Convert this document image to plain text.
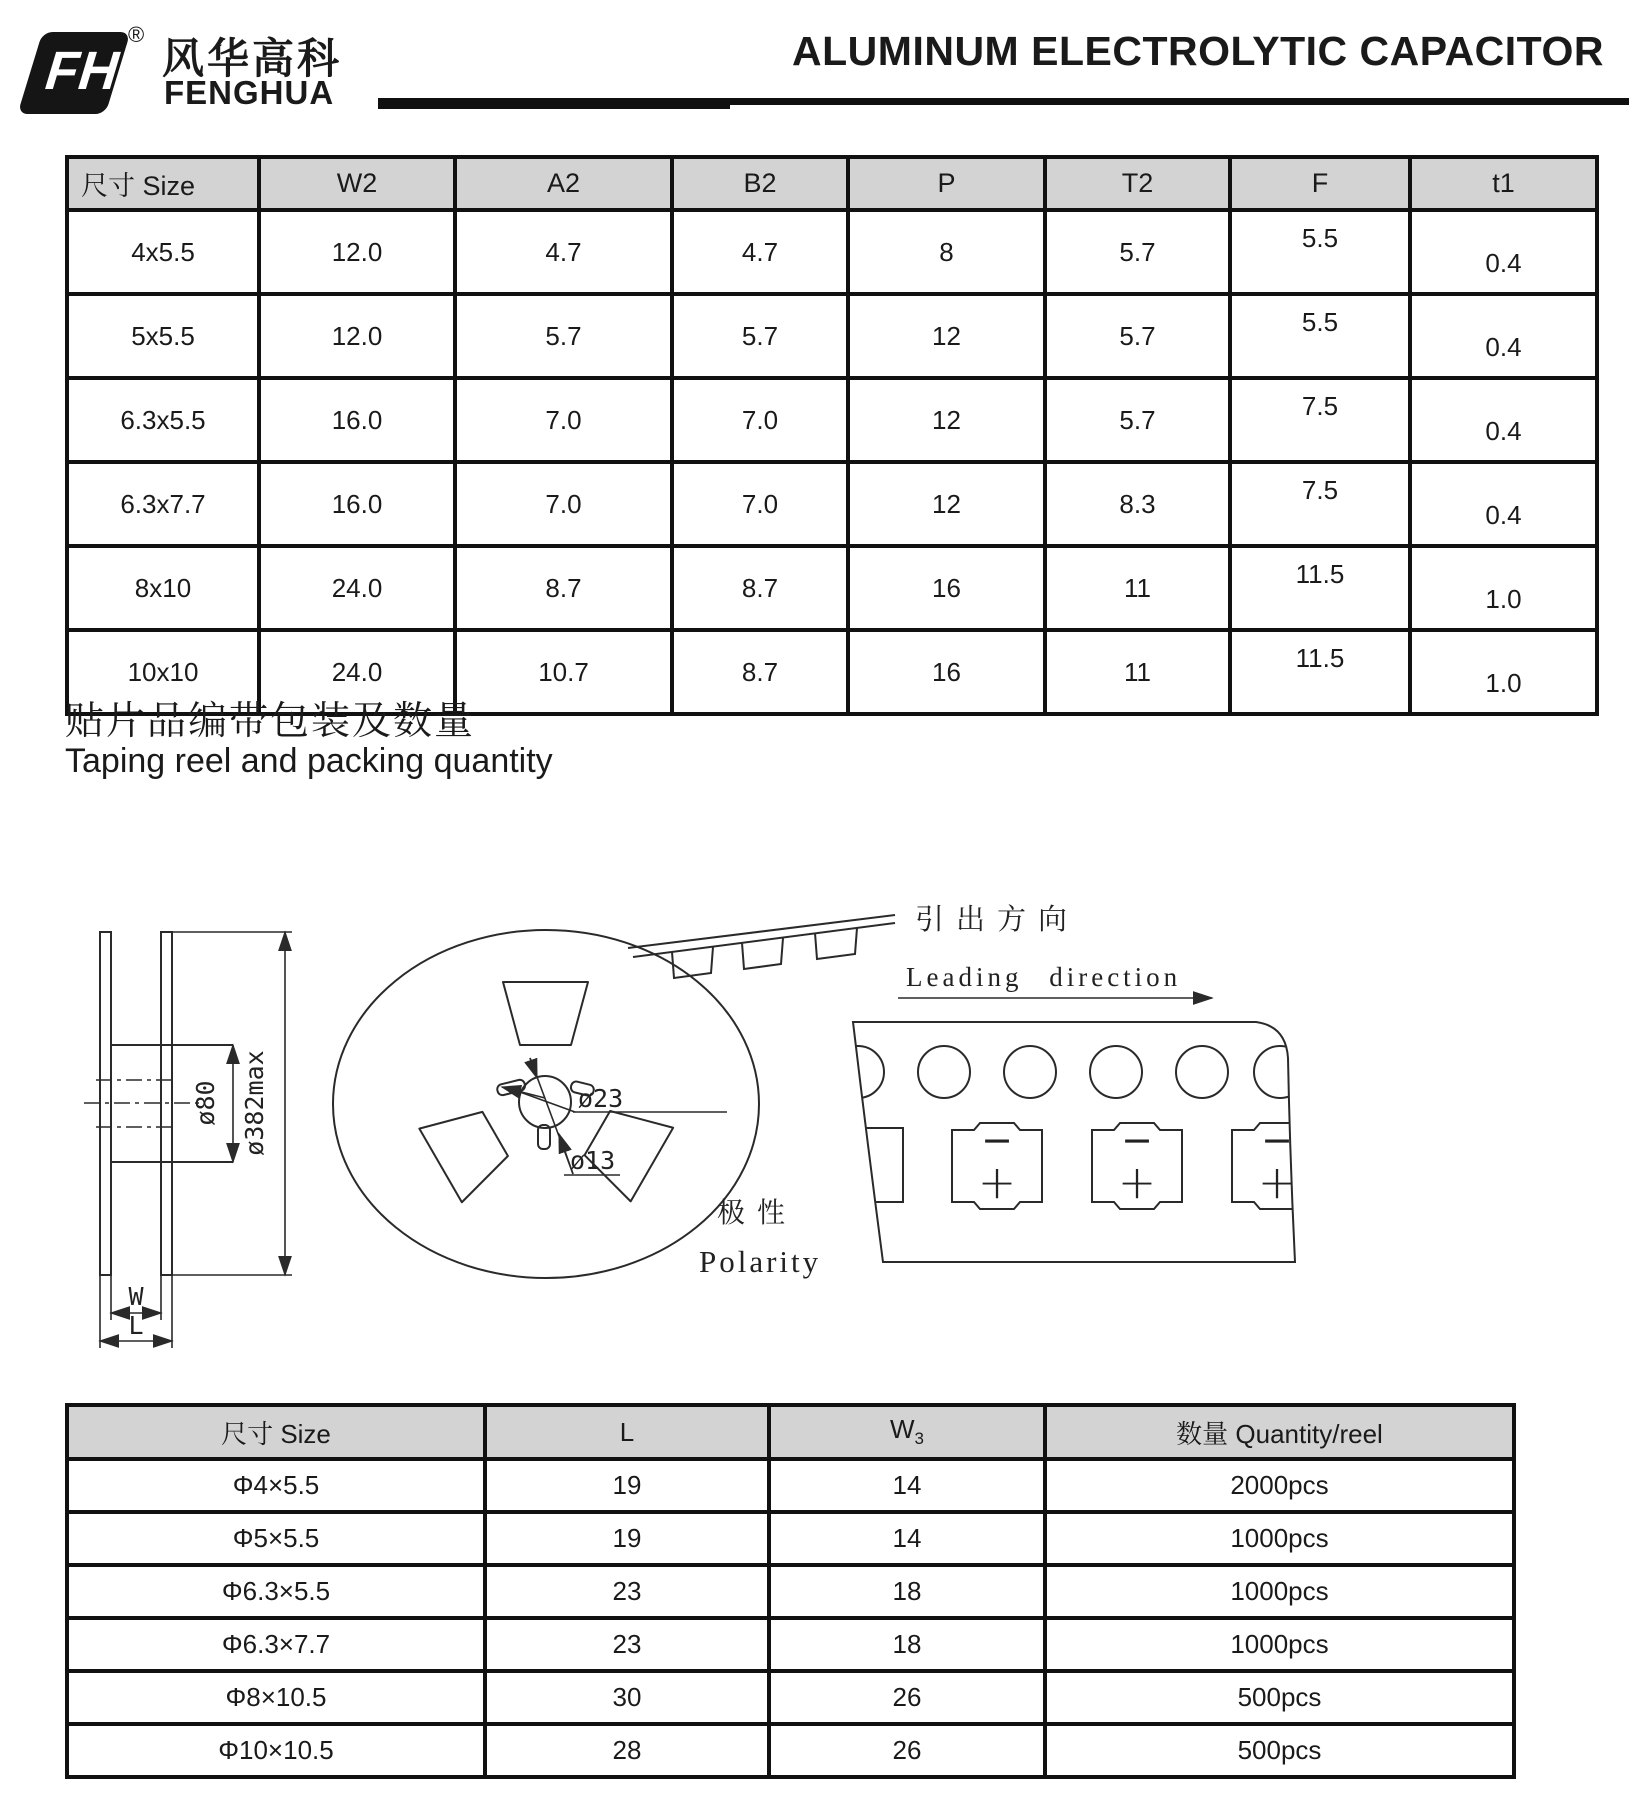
FH
®
风华高科
FENGHUA
ALUMINUM ELECTROLYTIC CAPACITOR
尺寸 Size	W2	A2	B2	P	T2	F	t1
4x5.5	12.0	4.7	4.7	8	5.7	5.5	0.4
5x5.5	12.0	5.7	5.7	12	5.7	5.5	0.4
6.3x5.5	16.0	7.0	7.0	12	5.7	7.5	0.4
6.3x7.7	16.0	7.0	7.0	12	8.3	7.5	0.4
8x10	24.0	8.7	8.7	16	11	11.5	1.0
10x10	24.0	10.7	8.7	16	11	11.5	1.0
贴片品编带包装及数量
Taping reel and packing quantity
ø80 ø382max
W
L
ø23
ø13
引出方向
Leading direction
极性
Polarity
尺寸 Size	L	$W_3$	数量 Quantity/reel
Φ4×5.5	19	14	2000pcs
Φ5×5.5	19	14	1000pcs
Φ6.3×5.5	23	18	1000pcs
Φ6.3×7.7	23	18	1000pcs
Φ8×10.5	30	26	500pcs
Φ10×10.5	28	26	500pcs
